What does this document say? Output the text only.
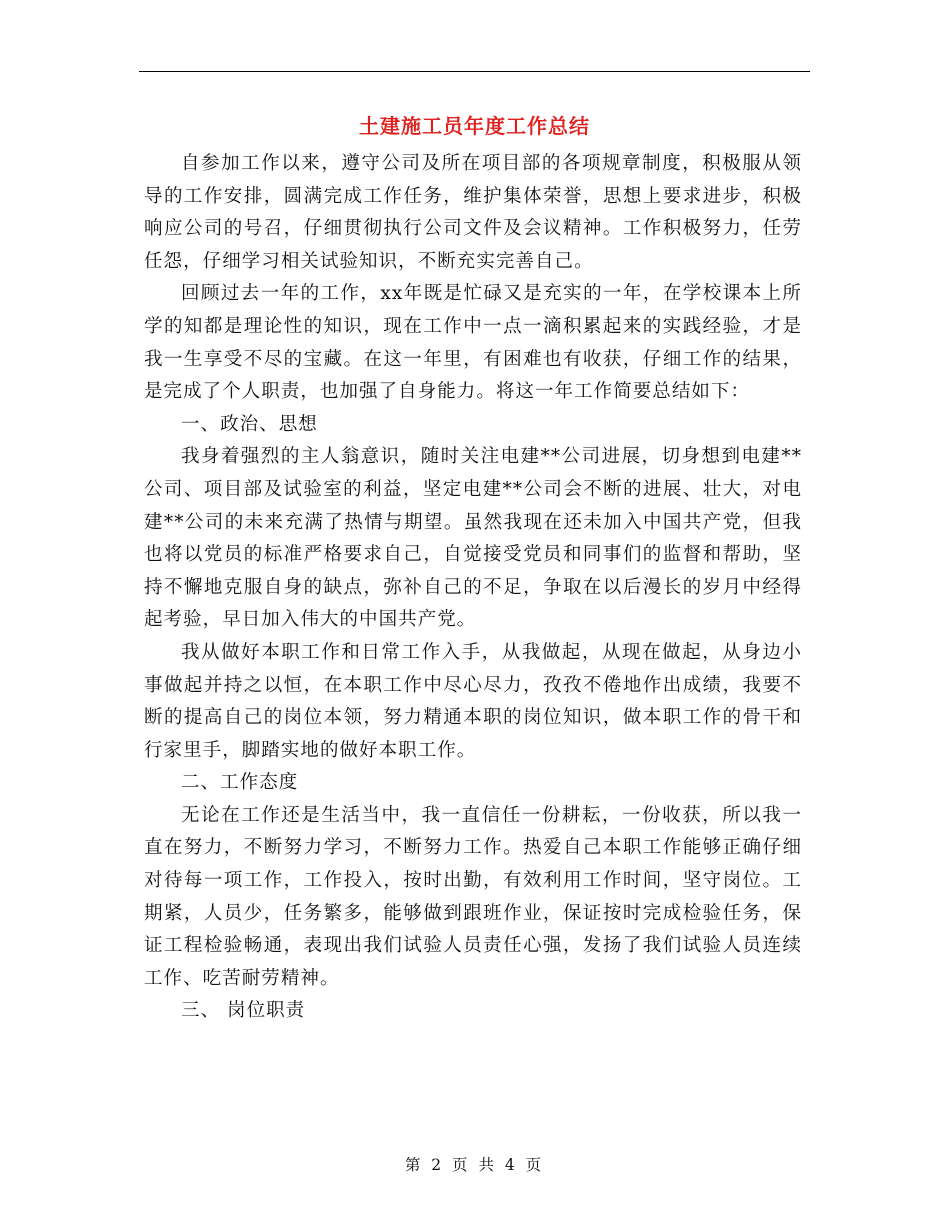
土建施工员年度工作总结

自参加工作以来，遵守公司及所在项目部的各项规章制度，积极服从领导的工作安排，圆满完成工作任务，维护集体荣誉，思想上要求进步，积极响应公司的号召，仔细贯彻执行公司文件及会议精神。工作积极努力，任劳任怨，仔细学习相关试验知识，不断充实完善自己。

回顾过去一年的工作，xx年既是忙碌又是充实的一年，在学校课本上所学的知都是理论性的知识，现在工作中一点一滴积累起来的实践经验，才是我一生享受不尽的宝藏。在这一年里，有困难也有收获，仔细工作的结果，是完成了个人职责，也加强了自身能力。将这一年工作简要总结如下：

一、政治、思想

我身着强烈的主人翁意识，随时关注电建**公司进展，切身想到电建**公司、项目部及试验室的利益，坚定电建**公司会不断的进展、壮大，对电建**公司的未来充满了热情与期望。虽然我现在还未加入中国共产党，但我也将以党员的标准严格要求自己，自觉接受党员和同事们的监督和帮助，坚持不懈地克服自身的缺点，弥补自己的不足，争取在以后漫长的岁月中经得起考验，早日加入伟大的中国共产党。

我从做好本职工作和日常工作入手，从我做起，从现在做起，从身边小事做起并持之以恒，在本职工作中尽心尽力，孜孜不倦地作出成绩，我要不断的提高自己的岗位本领，努力精通本职的岗位知识，做本职工作的骨干和行家里手，脚踏实地的做好本职工作。

二、工作态度

无论在工作还是生活当中，我一直信任一份耕耘，一份收获，所以我一直在努力，不断努力学习，不断努力工作。热爱自己本职工作能够正确仔细对待每一项工作，工作投入，按时出勤，有效利用工作时间，坚守岗位。工期紧，人员少，任务繁多，能够做到跟班作业，保证按时完成检验任务，保证工程检验畅通，表现出我们试验人员责任心强，发扬了我们试验人员连续工作、吃苦耐劳精神。

三、 岗位职责

第 2 页 共 4 页
